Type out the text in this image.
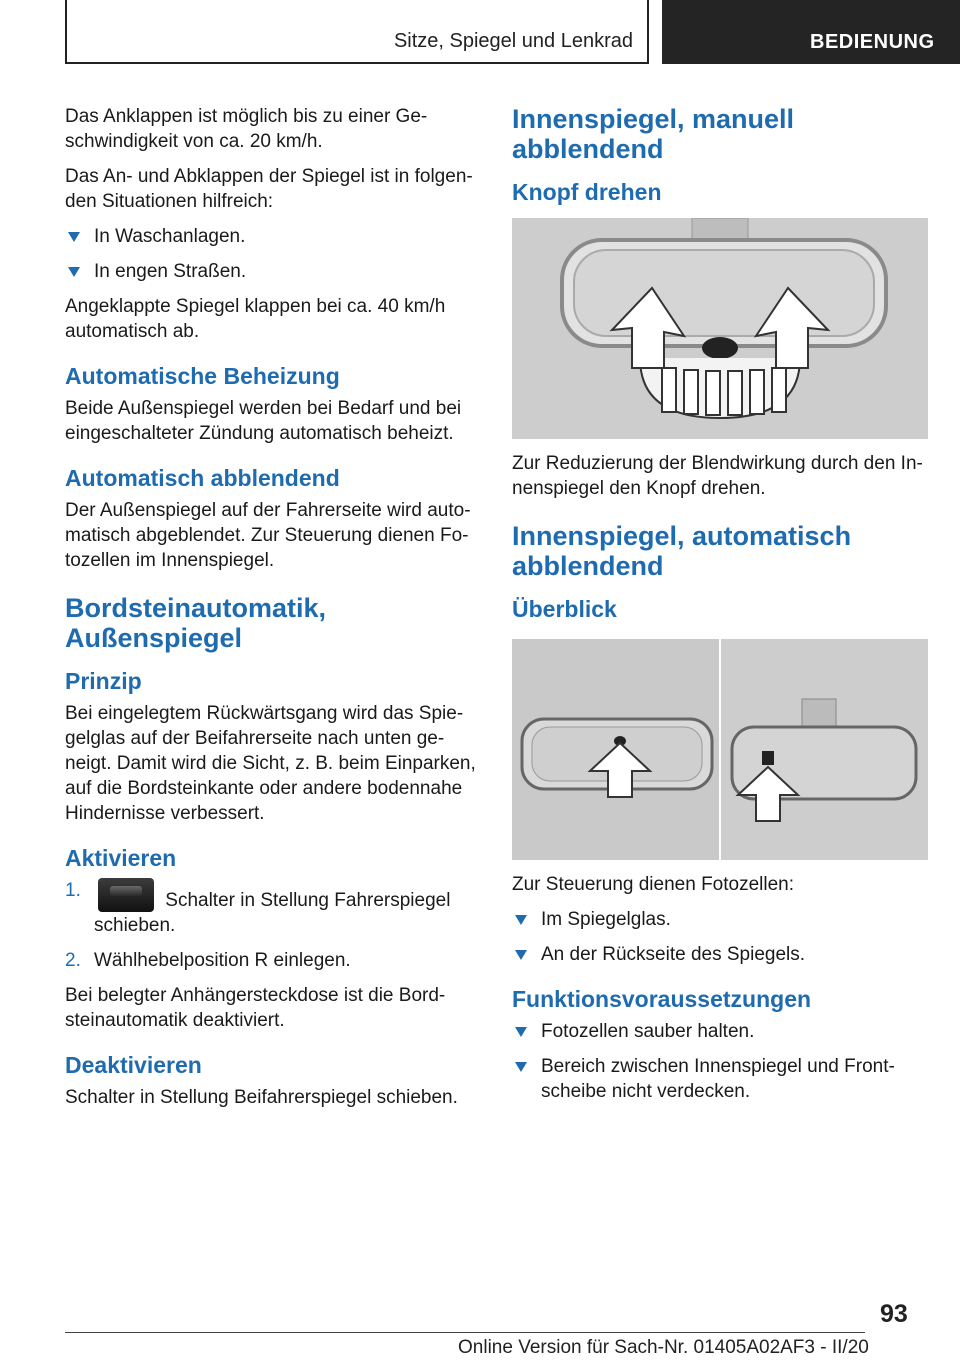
Sitze, Spiegel und Lenkrad	BEDIENUNG

Das Anklappen ist möglich bis zu einer Geschwindigkeit von ca. 20 km/h.

Das An- und Abklappen der Spiegel ist in folgenden Situationen hilfreich:

In Waschanlagen.
In engen Straßen.

Angeklappte Spiegel klappen bei ca. 40 km/h automatisch ab.

Automatische Beheizung

Beide Außenspiegel werden bei Bedarf und bei eingeschalteter Zündung automatisch beheizt.

Automatisch abblendend

Der Außenspiegel auf der Fahrerseite wird automatisch abgeblendet. Zur Steuerung dienen Fotozellen im Innenspiegel.

Bordsteinautomatik, Außenspiegel
Prinzip

Bei eingelegtem Rückwärtsgang wird das Spiegelglas auf der Beifahrerseite nach unten geneigt. Damit wird die Sicht, z. B. beim Einparken, auf die Bordsteinkante oder andere bodennahe Hindernisse verbessert.

Aktivieren
1.	Schalter in Stellung Fahrerspiegel schieben.
2. Wählhebelposition R einlegen.

Bei belegter Anhängersteckdose ist die Bordsteinautomatik deaktiviert.

Deaktivieren

Schalter in Stellung Beifahrerspiegel schieben.

Innenspiegel, manuell abblendend
Knopf drehen

Zur Reduzierung der Blendwirkung durch den Innenspiegel den Knopf drehen.

Innenspiegel, automatisch abblendend
Überblick

Zur Steuerung dienen Fotozellen:

Im Spiegelglas.
An der Rückseite des Spiegels.
Funktionsvoraussetzungen
Fotozellen sauber halten.
Bereich zwischen Innenspiegel und Frontscheibe nicht verdecken.
93
Online Version für Sach-Nr. 01405A02AF3 - II/20
